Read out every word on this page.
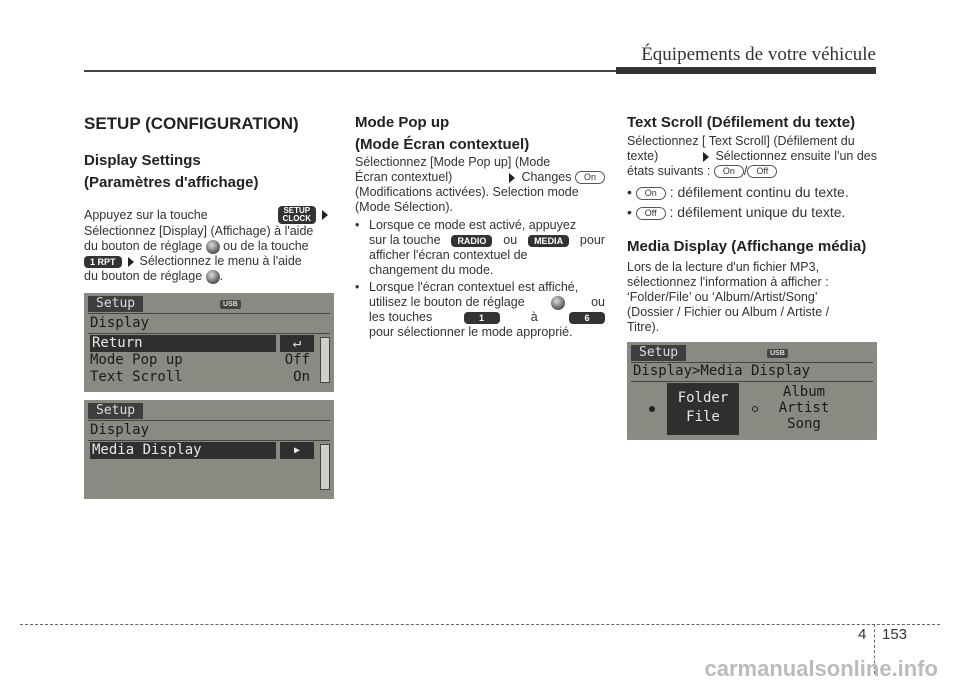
Équipements de votre véhicule
SETUP (CONFIGURATION)
Display Settings
(Paramètres d'affichage)
Appuyez sur la touche	SETUP
CLOCK
Sélectionnez [Display] (Affichage) à l'aide
du bouton de réglage ou de la touche
1 RPT Sélectionnez le menu à l'aide
du bouton de réglage .
Setup	USB
Display
Return	↵
Mode Pop up	Off
Text Scroll	On
Setup
Display
Media Display	▶
Mode Pop up
(Mode Écran contextuel)
Sélectionnez [Mode Pop up] (Mode
Écran contextuel)	Changes On
(Modifications activées). Selection mode
(Mode Sélection).
• Lorsque ce mode est activé, appuyez
sur la touche	RADIO	ou	MEDIA	pour
afficher l'écran contextuel de
changement du mode.
• Lorsque l'écran contextuel est affiché,
utilisez le bouton de réglage	ou
les touches	1	à	6
pour sélectionner le mode approprié.
Text Scroll (Défilement du texte)
Sélectionnez [ Text Scroll] (Défilement du
texte)	Sélectionnez ensuite l'un des
états suivants : On / Off
• On : défilement continu du texte.
• Off : défilement unique du texte.
Media Display (Affichange média)
Lors de la lecture d'un fichier MP3,
sélectionnez l'information à afficher :
‘Folder/File’ ou ‘Album/Artist/Song’
(Dossier / Fichier ou Album / Artiste /
Titre).
Setup	USB
Display>Media Display
Folder
File
Album
Artist
Song
4 153
carmanualsonline.info
